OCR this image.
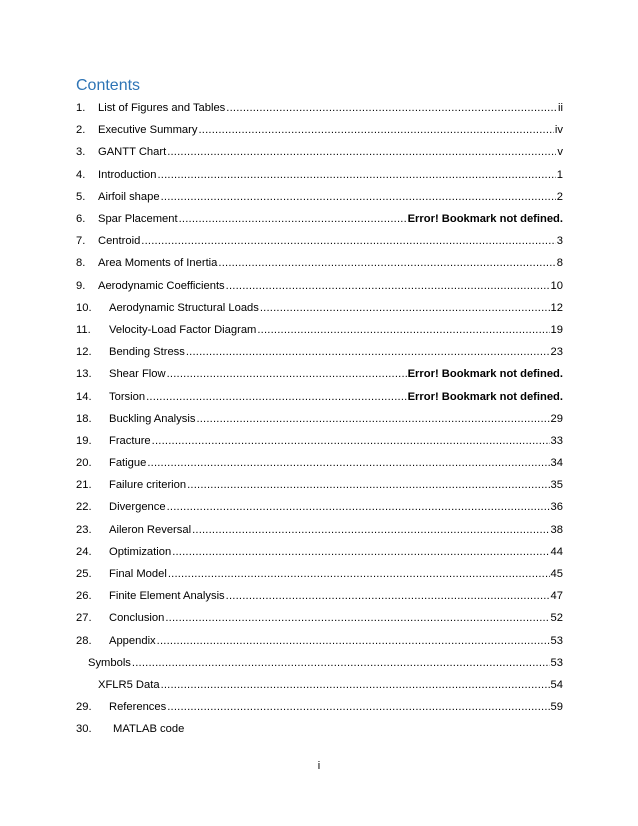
Contents
1.	List of Figures and Tables .....	ii
2.	Executive Summary .....	iv
3.	GANTT Chart .....	v
4.	Introduction .....	1
5.	Airfoil shape .....	2
6.	Spar Placement .....	Error! Bookmark not defined.
7.	Centroid .....	3
8.	Area Moments of Inertia .....	8
9.	Aerodynamic Coefficients .....	10
10.	Aerodynamic Structural Loads .....	12
11.	Velocity-Load Factor Diagram .....	19
12.	Bending Stress .....	23
13.	Shear Flow .....	Error! Bookmark not defined.
14.	Torsion .....	Error! Bookmark not defined.
18.	Buckling Analysis .....	29
19.	Fracture .....	33
20.	Fatigue .....	34
21.	Failure criterion .....	35
22.	Divergence .....	36
23.	Aileron Reversal .....	38
24.	Optimization .....	44
25.	Final Model .....	45
26.	Finite Element Analysis .....	47
27.	Conclusion .....	52
28.	Appendix .....	53
Symbols .....	53
XFLR5 Data .....	54
29.	References .....	59
30.	MATLAB code
i
